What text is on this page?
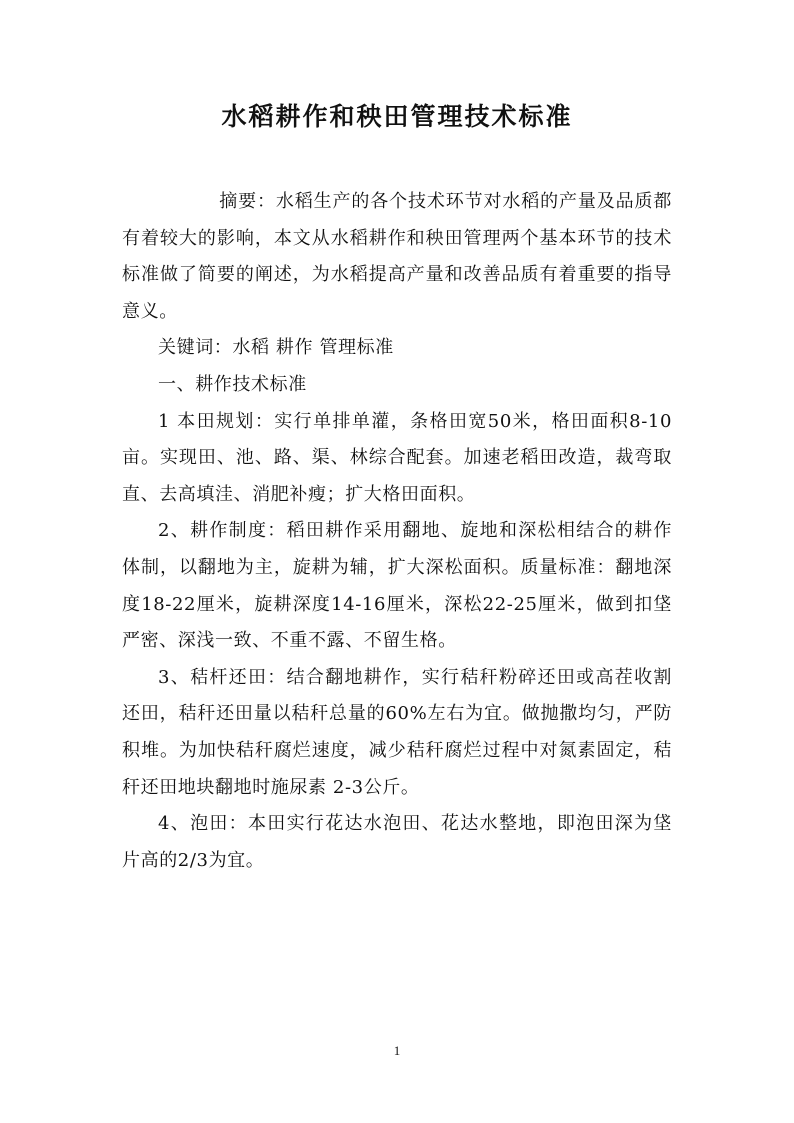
水稻耕作和秧田管理技术标准

摘要：水稻生产的各个技术环节对水稻的产量及品质都有着较大的影响，本文从水稻耕作和秧田管理两个基本环节的技术标准做了简要的阐述，为水稻提高产量和改善品质有着重要的指导意义。

关键词：水稻 耕作 管理标准

一、耕作技术标准

1 本田规划：实行单排单灌，条格田宽50米，格田面积8-10亩。实现田、池、路、渠、林综合配套。加速老稻田改造，裁弯取直、去高填洼、消肥补瘦；扩大格田面积。

2、耕作制度：稻田耕作采用翻地、旋地和深松相结合的耕作体制，以翻地为主，旋耕为辅，扩大深松面积。质量标准：翻地深度18-22厘米，旋耕深度14-16厘米，深松22-25厘米，做到扣垡严密、深浅一致、不重不露、不留生格。

3、秸杆还田：结合翻地耕作，实行秸秆粉碎还田或高茬收割还田，秸秆还田量以秸秆总量的60%左右为宜。做抛撒均匀，严防积堆。为加快秸秆腐烂速度，减少秸秆腐烂过程中对氮素固定，秸秆还田地块翻地时施尿素 2-3公斤。

4、泡田：本田实行花达水泡田、花达水整地，即泡田深为垡片高的2/3为宜。

1
